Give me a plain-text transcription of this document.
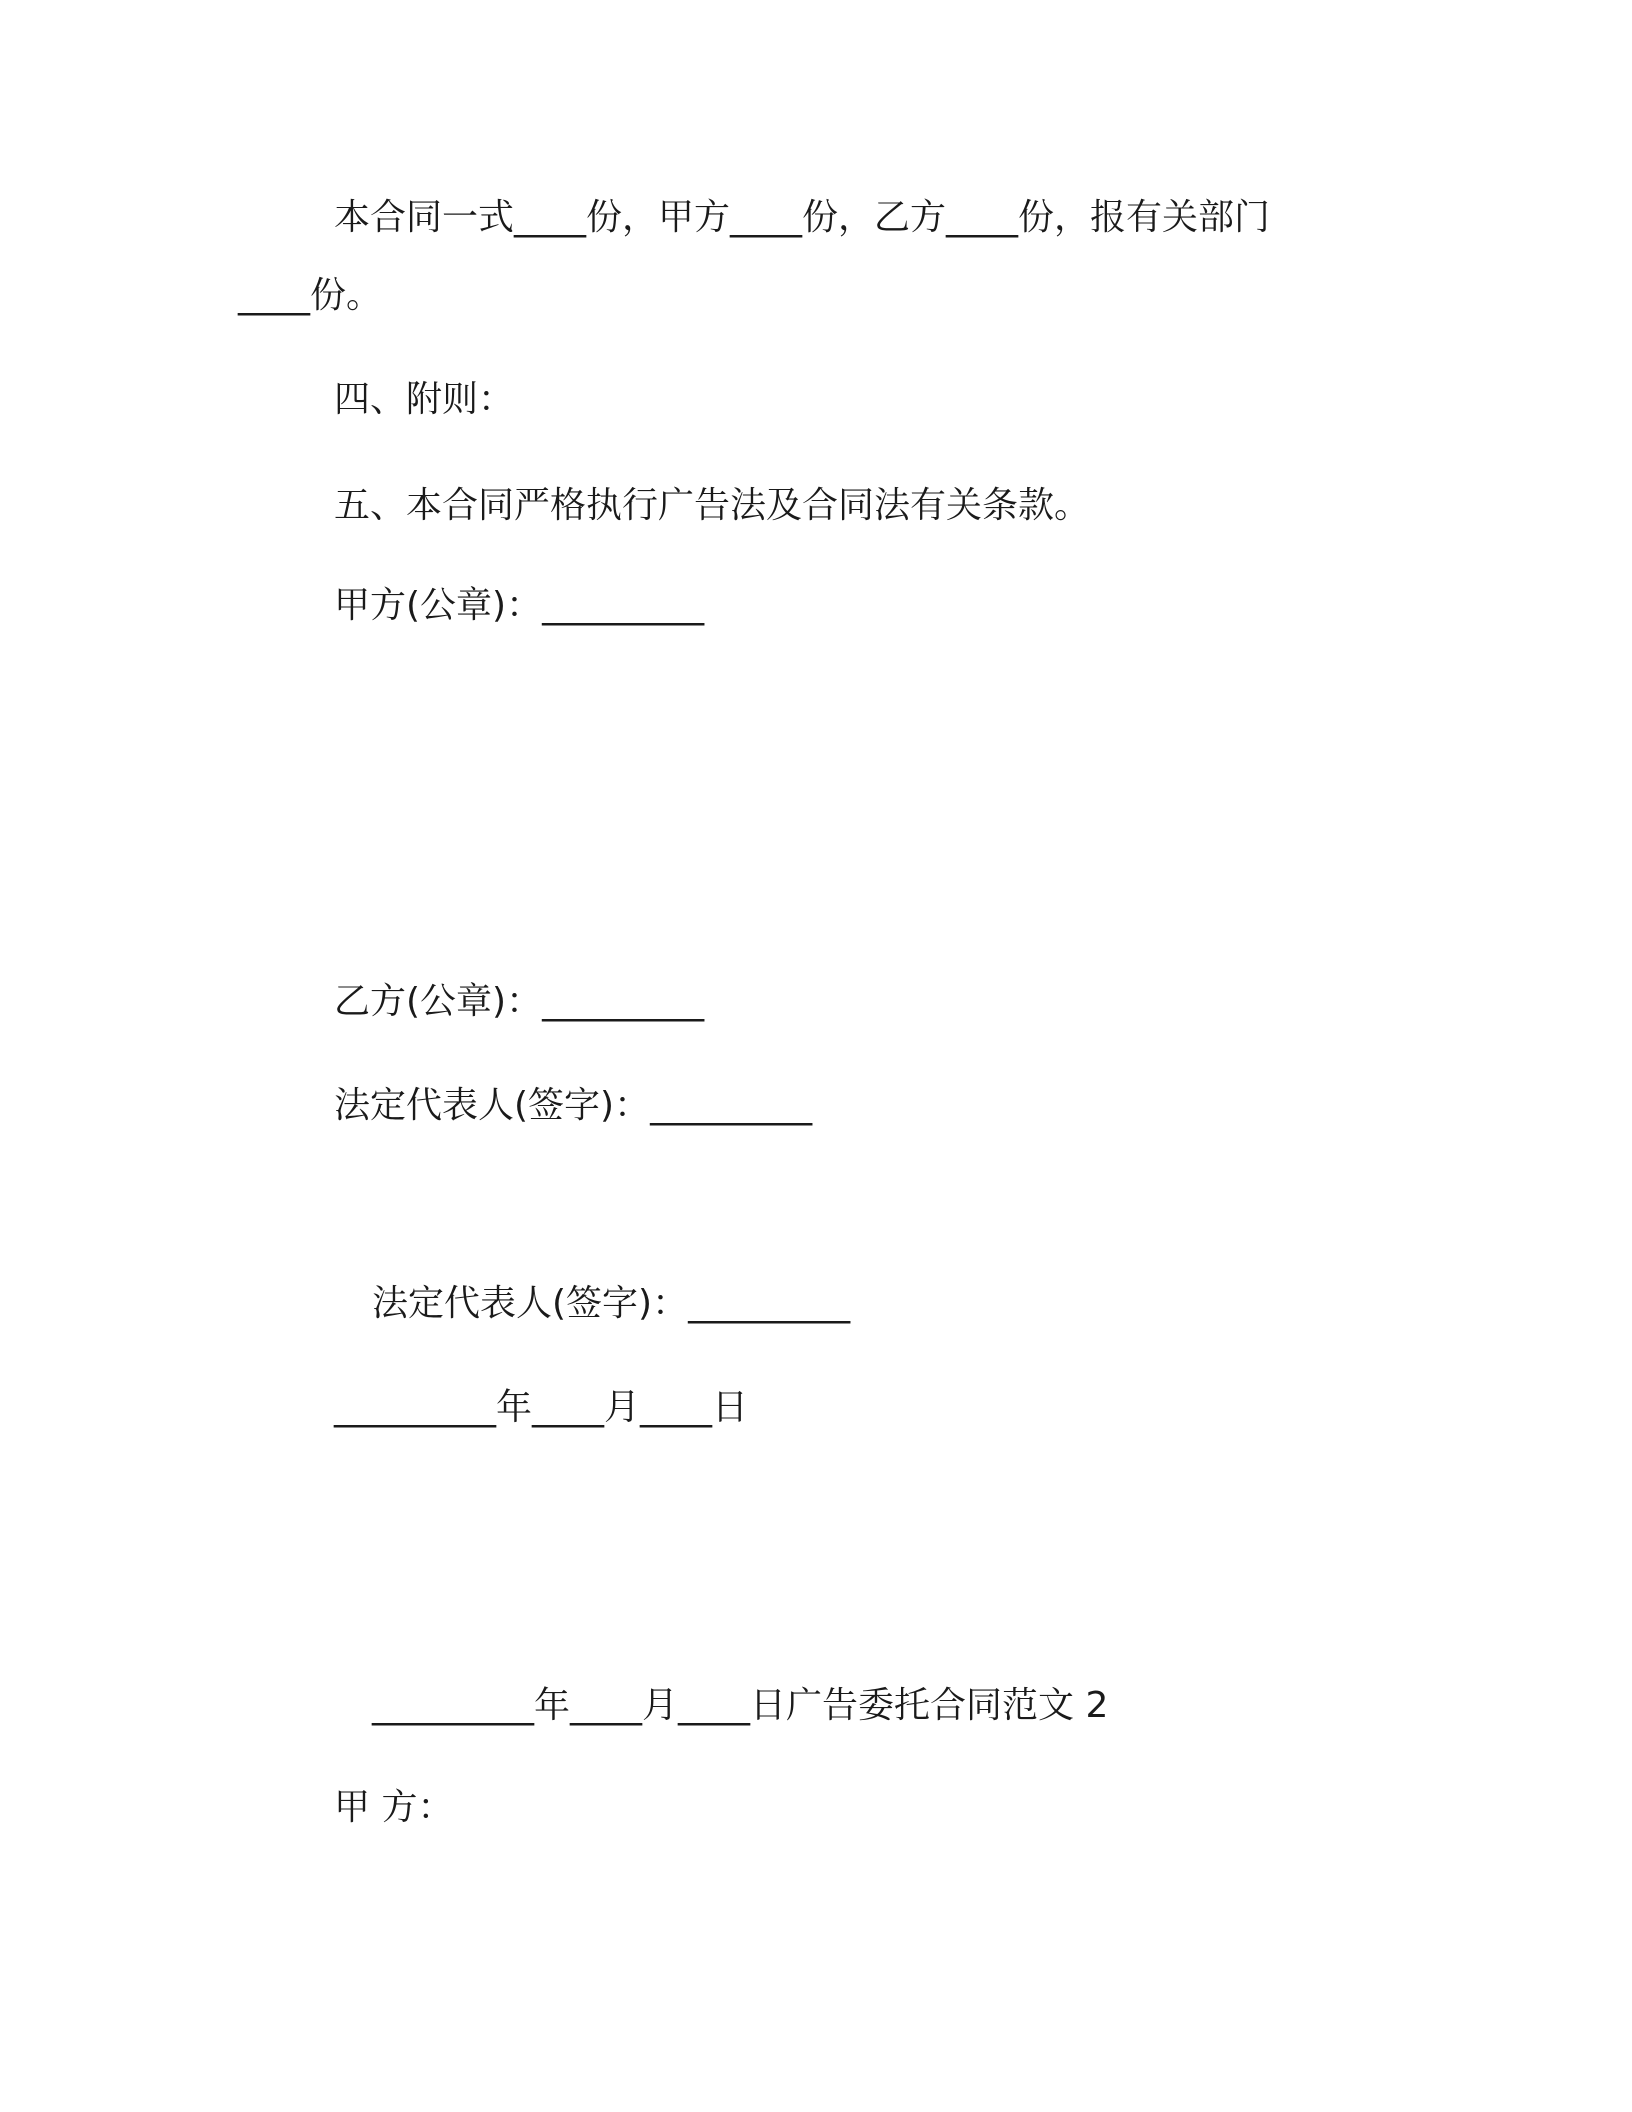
本合同一式____份，甲方____份，乙方____份，报有关部门
____份。
四、附则：
五、本合同严格执行广告法及合同法有关条款。
甲方(公章)：_________
乙方(公章)：_________
法定代表人(签字)：_________
法定代表人(签字)：_________
_________年____月____日
_________年____月____日广告委托合同范文 2
甲 方：
